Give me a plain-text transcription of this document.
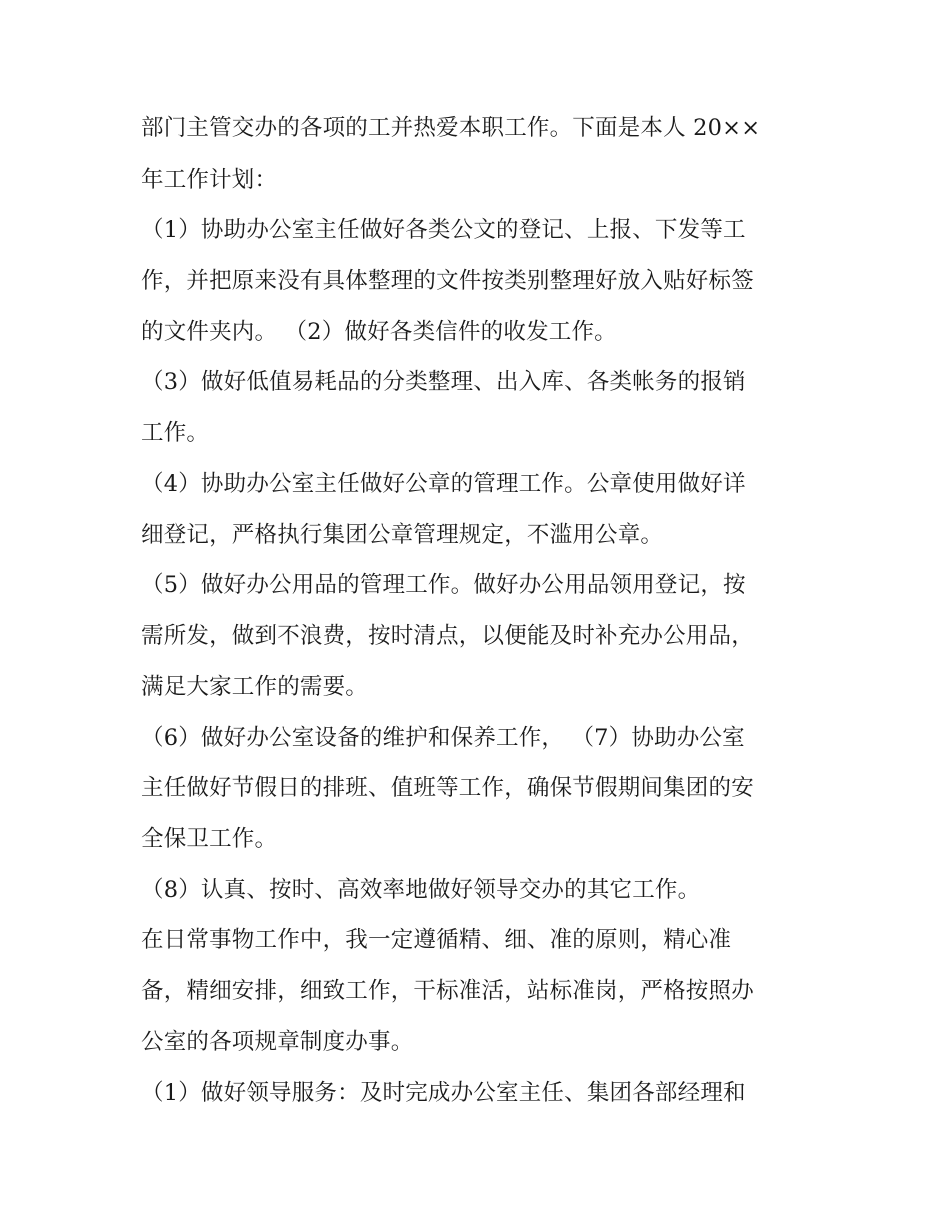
部门主管交办的各项的工并热爱本职工作。下面是本人 20××
年工作计划：
（1）协助办公室主任做好各类公文的登记、上报、下发等工
作，并把原来没有具体整理的文件按类别整理好放入贴好标签
的文件夹内。 （2）做好各类信件的收发工作。
（3）做好低值易耗品的分类整理、出入库、各类帐务的报销
工作。
（4）协助办公室主任做好公章的管理工作。公章使用做好详
细登记，严格执行集团公章管理规定，不滥用公章。
（5）做好办公用品的管理工作。做好办公用品领用登记，按
需所发，做到不浪费，按时清点，以便能及时补充办公用品，
满足大家工作的需要。
（6）做好办公室设备的维护和保养工作， （7）协助办公室
主任做好节假日的排班、值班等工作，确保节假期间集团的安
全保卫工作。
（8）认真、按时、高效率地做好领导交办的其它工作。
在日常事物工作中，我一定遵循精、细、准的原则，精心准
备，精细安排，细致工作，干标准活，站标准岗，严格按照办
公室的各项规章制度办事。
（1）做好领导服务：及时完成办公室主任、集团各部经理和
